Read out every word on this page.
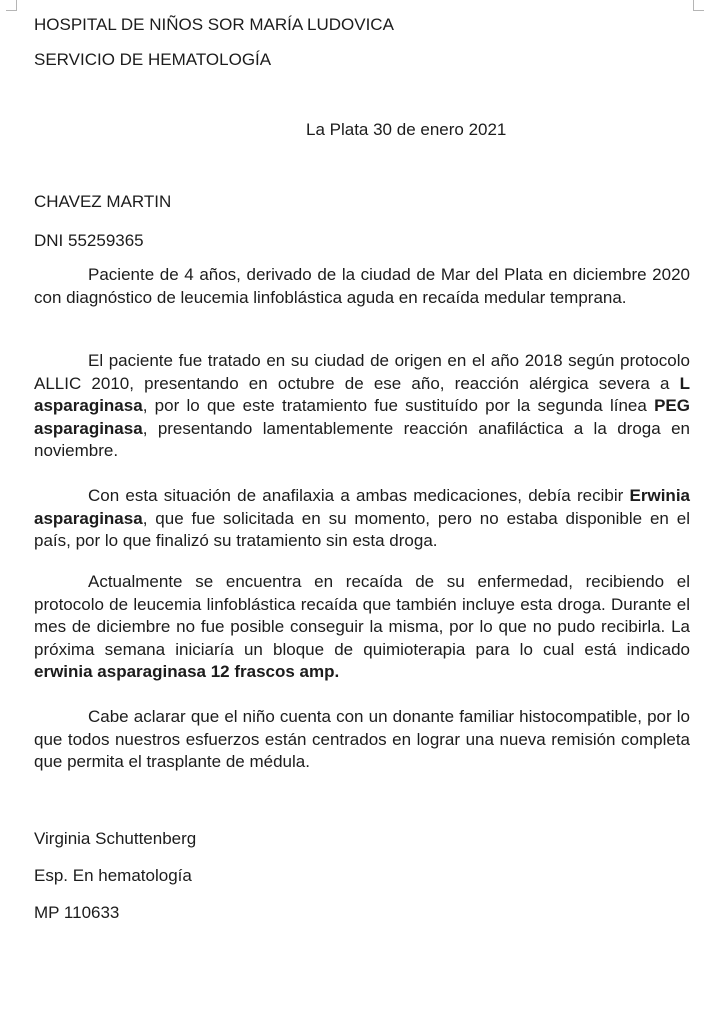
HOSPITAL DE NIÑOS SOR MARÍA LUDOVICA
SERVICIO DE HEMATOLOGÍA
La Plata 30 de enero 2021
CHAVEZ MARTIN
DNI 55259365

Paciente de 4 años, derivado de la ciudad de Mar del Plata en diciembre 2020 con diagnóstico de leucemia linfoblástica aguda en recaída medular temprana.

El paciente fue tratado en su ciudad de origen en el año 2018 según protocolo ALLIC 2010, presentando en octubre de ese año, reacción alérgica severa a L asparaginasa, por lo que este tratamiento fue sustituído por la segunda línea PEG asparaginasa, presentando lamentablemente reacción anafiláctica a la droga en noviembre.

Con esta situación de anafilaxia a ambas medicaciones, debía recibir Erwinia asparaginasa, que fue solicitada en su momento, pero no estaba disponible en el país, por lo que finalizó su tratamiento sin esta droga.

Actualmente se encuentra en recaída de su enfermedad, recibiendo el protocolo de leucemia linfoblástica recaída que también incluye esta droga. Durante el mes de diciembre no fue posible conseguir la misma, por lo que no pudo recibirla. La próxima semana iniciaría un bloque de quimioterapia para lo cual está indicado erwinia asparaginasa 12 frascos amp.

Cabe aclarar que el niño cuenta con un donante familiar histocompatible, por lo que todos nuestros esfuerzos están centrados en lograr una nueva remisión completa que permita el trasplante de médula.

Virginia Schuttenberg
Esp. En hematología
MP 110633
